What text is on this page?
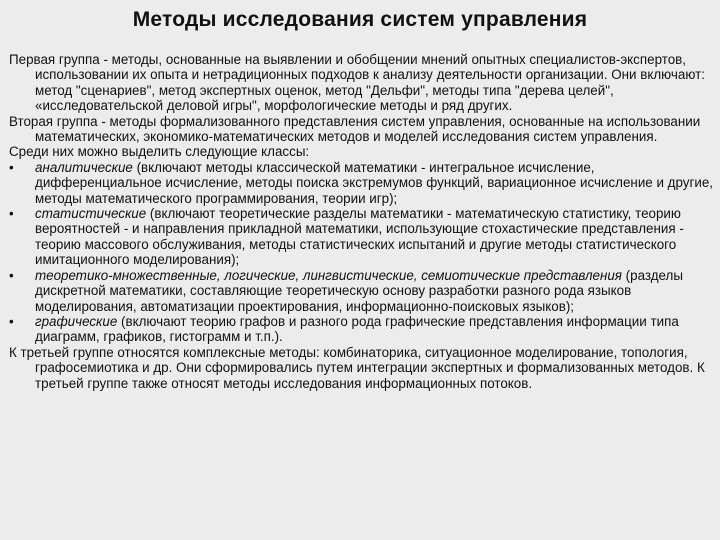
Методы исследования систем управления

Первая группа - методы, основанные на выявлении и обобщении мнений опытных специалистов-экспертов, использовании их опыта и нетрадиционных подходов к анализу деятельности организации. Они включают: метод "сценариев", метод экспертных оценок, метод "Дельфи", методы типа "дерева целей", «исследовательской деловой игры", морфологические методы и ряд других.

Вторая группа - методы формализованного представления систем управления, основанные на использовании математических, экономико-математических методов и моделей исследования систем управления.

Среди них можно выделить следующие классы:

•	аналитические (включают методы классической математики - интегральное исчисление, дифференциальное исчисление, методы поиска экстремумов функций, вариационное исчисление и другие, методы математического программирования, теории игр);
•	статистические (включают теоретические разделы математики - математическую статистику, теорию вероятностей - и направления прикладной математики, использующие стохастические представления - теорию массового обслуживания, методы статистических испытаний и другие методы статистического имитационного моделирования);
•	теоретико-множественные, логические, лингвистические, семиотические представления (разделы дискретной математики, составляющие теоретическую основу разработки разного рода языков моделирования, автоматизации проектирования, информационно-поисковых языков);
•	графические (включают теорию графов и разного рода графические представления информации типа диаграмм, графиков, гистограмм и т.п.).

К третьей группе относятся комплексные методы: комбинаторика, ситуационное моделирование, топология, графосемиотика и др. Они сформировались путем интеграции экспертных и формализованных методов. К третьей группе также относят методы исследования информационных потоков.
